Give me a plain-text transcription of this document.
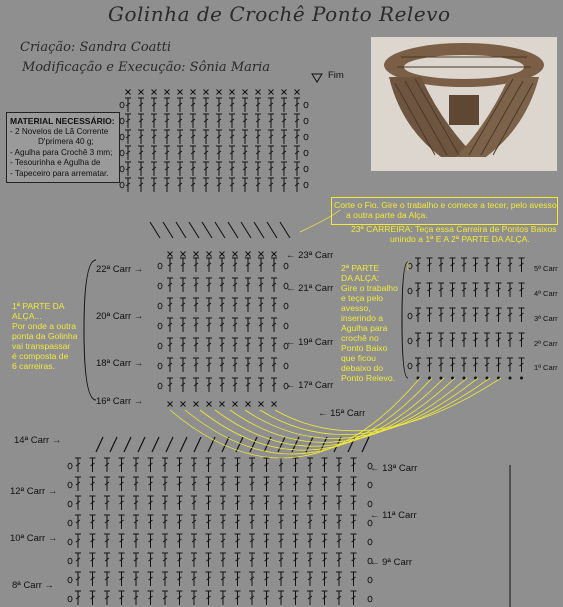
Golinha de Crochê Ponto Relevo
Criação: Sandra Coatti
Modificação e Execução: Sônia Maria
MATERIAL NECESSÁRIO:
- 2 Novelos de Lã Corrente
D'primera 40 g;
- Agulha para Crochê 3 mm;
- Tesourinha e Agulha de
- Tapeceiro para arrematar.
Fim
Corte o Fio. Gire o trabalho e comece a tecer, pelo avesso,
a outra parte da Alça.
23ª CARREIRA: Teça essa Carreira de Pontos Baixos
unindo a 1ª E A 2ª PARTE DA ALÇA.
1ª PARTE DA
ALÇA...
Por onde a outra
ponta da Golinha
vai transpassar
é composta de
6 carreiras.
2ª PARTE
DA ALÇA:
Gire o trabalho
e teça pelo
avesso,
inserindo a
Agulha para
crochê no
Ponto Baixo
que ficou
debaixo do
Ponto Relevo.
22ª Carr →
20ª Carr →
18ª Carr →
16ª Carr →
14ª Carr →
12ª Carr →
10ª Carr →
8ª Carr →
← 23ª Carr
← 21ª Carr
← 19ª Carr
← 17ª Carr
← 15ª Carr
← 13ª Carr
← 11ª Carr
← 9ª Carr
5ª Carr
4ª Carr
3ª Carr
2ª Carr
1ª Carr
